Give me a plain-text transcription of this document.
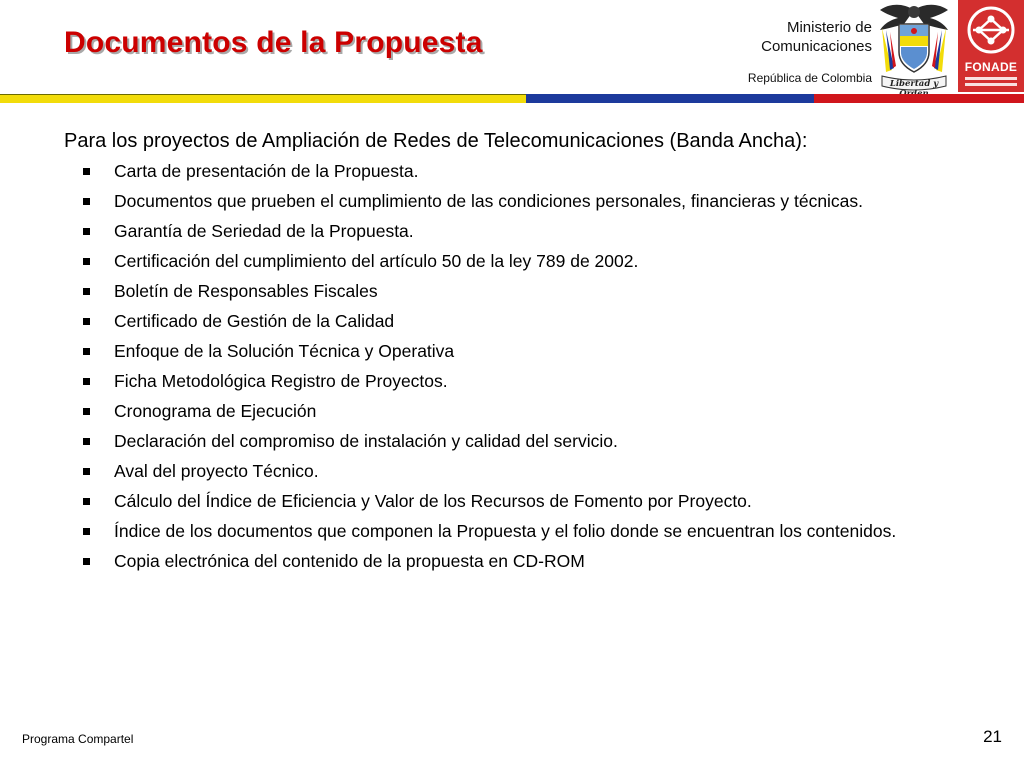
Documentos de la Propuesta	Ministerio de
Comunicaciones
República de Colombia	Libertad y
FONADE

Para los proyectos de Ampliación de Redes de Telecomunicaciones (Banda Ancha):

Carta de presentación de la Propuesta.
Documentos que prueben el cumplimiento de las condiciones personales, financieras y técnicas.
Garantía de Seriedad de la Propuesta.
Certificación del cumplimiento del artículo 50 de la ley 789 de 2002.
Boletín de Responsables Fiscales
Certificado de Gestión de la Calidad
Enfoque de la Solución Técnica y Operativa
Ficha Metodológica Registro de Proyectos.
Cronograma de Ejecución
Declaración del compromiso de instalación y calidad del servicio.
Aval del proyecto Técnico.
Cálculo del Índice de Eficiencia y Valor de los Recursos de Fomento por Proyecto.
Índice de los documentos que componen la Propuesta y el folio donde se encuentran los contenidos.
Copia electrónica del contenido de la propuesta en CD-ROM
Programa Compartel	21
